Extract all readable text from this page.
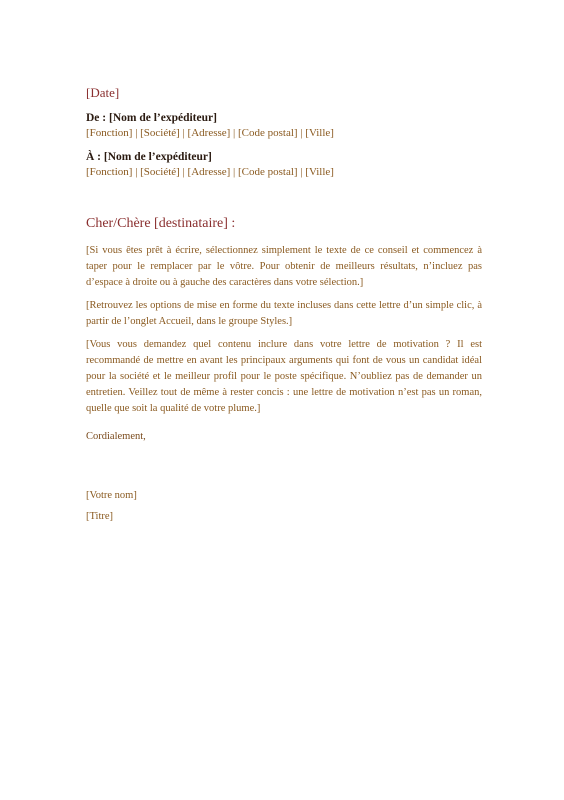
[Date]

De : [Nom de l’expéditeur]

[Fonction] | [Société] | [Adresse] | [Code postal] | [Ville]

À : [Nom de l’expéditeur]

[Fonction] | [Société] | [Adresse] | [Code postal] | [Ville]

Cher/Chère [destinataire] :

[Si vous êtes prêt à écrire, sélectionnez simplement le texte de ce conseil et commencez à taper pour le remplacer par le vôtre. Pour obtenir de meilleurs résultats, n’incluez pas d’espace à droite ou à gauche des caractères dans votre sélection.]

[Retrouvez les options de mise en forme du texte incluses dans cette lettre d’un simple clic, à partir de l’onglet Accueil, dans le groupe Styles.]

[Vous vous demandez quel contenu inclure dans votre lettre de motivation ? Il est recommandé de mettre en avant les principaux arguments qui font de vous un candidat idéal pour la société et le meilleur profil pour le poste spécifique. N’oubliez pas de demander un entretien. Veillez tout de même à rester concis : une lettre de motivation n’est pas un roman, quelle que soit la qualité de votre plume.]

Cordialement,

[Votre nom]

[Titre]
